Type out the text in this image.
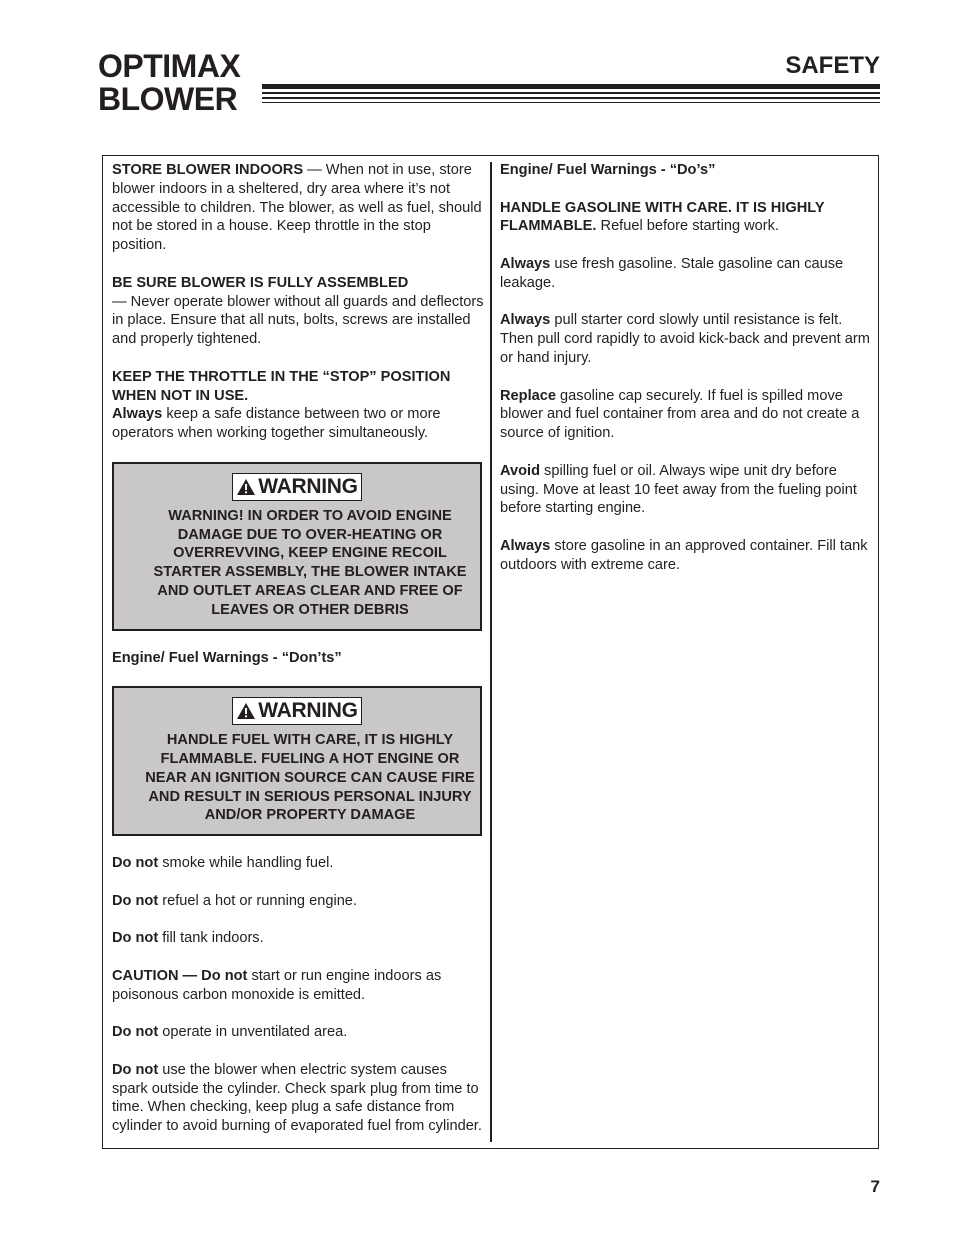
OPTIMAX
BLOWER
SAFETY

STORE BLOWER INDOORS — When not in use, store blower indoors in a sheltered, dry area where it’s not accessible to children. The blower, as well as fuel, should not be stored in a house. Keep throttle in the stop position.

BE SURE BLOWER IS FULLY ASSEMBLED
— Never operate blower without all guards and deflectors in place. Ensure that all nuts, bolts, screws are installed and properly tightened.

KEEP THE THROTTLE IN THE “STOP” POSITION WHEN NOT IN USE.
Always keep a safe distance between two or more operators when working together simultaneously.

WARNING
WARNING! IN ORDER TO AVOID ENGINE DAMAGE DUE TO OVER-HEATING OR OVERREVVING, KEEP ENGINE RECOIL STARTER ASSEMBLY, THE BLOWER INTAKE AND OUTLET AREAS CLEAR AND FREE OF LEAVES OR OTHER DEBRIS

Engine/ Fuel Warnings - “Don’ts”

WARNING
HANDLE FUEL WITH CARE, IT IS HIGHLY FLAMMABLE. FUELING A HOT ENGINE OR NEAR AN IGNITION SOURCE CAN CAUSE FIRE AND RESULT IN SERIOUS PERSONAL INJURY AND/OR PROPERTY DAMAGE

Do not smoke while handling fuel.

Do not refuel a hot or running engine.

Do not fill tank indoors.

CAUTION — Do not start or run engine indoors as poisonous carbon monoxide is emitted.

Do not operate in unventilated area.

Do not use the blower when electric system causes spark outside the cylinder. Check spark plug from time to time. When checking, keep plug a safe distance from cylinder to avoid burning of evaporated fuel from cylinder.

Engine/ Fuel Warnings - “Do’s”

HANDLE GASOLINE WITH CARE. IT IS HIGHLY FLAMMABLE. Refuel before starting work.

Always use fresh gasoline. Stale gasoline can cause leakage.

Always pull starter cord slowly until resistance is felt. Then pull cord rapidly to avoid kick-back and prevent arm or hand injury.

Replace gasoline cap securely. If fuel is spilled move blower and fuel container from area and do not create a source of ignition.

Avoid spilling fuel or oil. Always wipe unit dry before using. Move at least 10 feet away from the fueling point before starting engine.

Always store gasoline in an approved container. Fill tank outdoors with extreme care.

7
